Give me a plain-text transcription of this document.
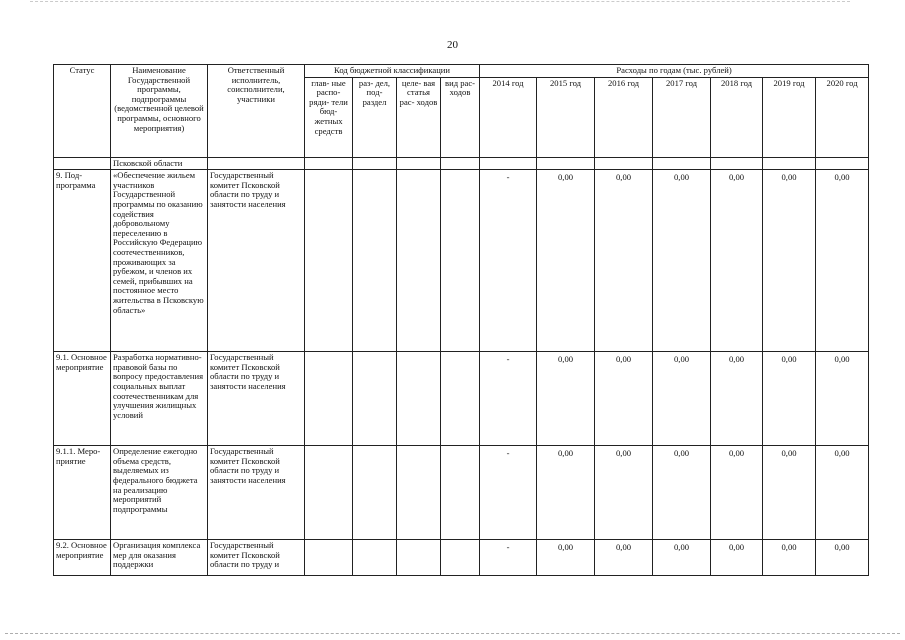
20
Статус	Наименование Государственной программы, подпрограммы (ведомственной целевой программы, основного мероприятия)	Ответственный исполнитель, соисполнители, участники	Код бюджетной классификации				Расходы по годам (тыс. рублей)						
			глав- ные распо- ряди- тели бюд- жетных средств	раз- дел, под- раздел	целе- вая статья рас- ходов	вид рас- ходов	2014 год	2015 год	2016 год	2017 год	2018 год	2019 год	2020 год
	Псковской области												
9. Под- программа	«Обеспечение жильем участников Государственной программы по оказанию содействия добровольному переселению в Российскую Федерацию соотечественников, проживающих за рубежом, и членов их семей, прибывших на постоянное место жительства в Псковскую область»	Государственный комитет Псковской области по труду и занятости населения					-	0,00	0,00	0,00	0,00	0,00	0,00
9.1. Основное мероприятие	Разработка нормативно- правовой базы по вопросу предоставления социальных выплат соотечественникам для улучшения жилищных условий	Государственный комитет Псковской области по труду и занятости населения					-	0,00	0,00	0,00	0,00	0,00	0,00
9.1.1. Меро- приятие	Определение ежегодно объема средств, выделяемых из федерального бюджета на реализацию мероприятий подпрограммы	Государственный комитет Псковской области по труду и занятости населения					-	0,00	0,00	0,00	0,00	0,00	0,00
9.2. Основное мероприятие	Организация комплекса мер для оказания поддержки	Государственный комитет Псковской области по труду и					-	0,00	0,00	0,00	0,00	0,00	0,00
